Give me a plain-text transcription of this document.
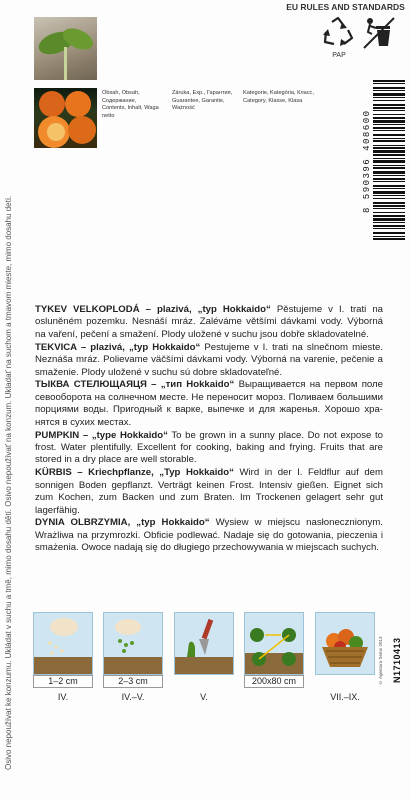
Osivo nepoužívat ke konzumu. Ukládat v suchu a tmě, mimo dosahu dětí. Osivo nepoužívať na konzum. Ukladať na suchom a tmavom mieste, mimo dosahu detí.
EU RULES AND STANDARDS
PAP
Obsah, Obsah, Содержание, Contents, Inhalt, Waga netto
Záruka, Exp., Гарантия, Guarantee, Garantie, Ważność
Kategorie, Kategória, Класс, Category, Klasse, Klasa
8 590396 408600

TYKEV VELKOPLODÁ – plazivá, „typ Hokkaido“ Pěstujeme v I. trati na osluněném pozemku. Nesnáší mráz. Zaléváme většími dávkami vody. Výborná na vaření, pečení a smažení. Plody uložené v suchu jsou dobře skladovatelné.

TEKVICA – plazivá, „typ Hokkaido“ Pestujeme v I. trati na slnečnom mieste. Neznáša mráz. Polievame väčšími dávkami vody. Výborná na varenie, pečenie a smaženie. Plody uložené v suchu sú dobre skladovateľné.

ТЫКВА СТЕЛЮЩАЯЦЯ – „тип Hokkaido“ Выращивается на первом поле севооборота на солнечном месте. Не переносит мороз. Поливаем большими порциями воды. Пригодный к варке, выпечке и для жаренья. Хорошо хранятся в сухих местах.

PUMPKIN – „type Hokkaido“ To be grown in a sunny place. Do not expose to frost. Water plentifully. Excellent for cooking, baking and frying. Fruits that are stored in a dry place are well storable.

KÜRBIS – Kriechpflanze, „Typ Hokkaido“ Wird in der I. Feldflur auf dem sonnigen Boden gepflanzt. Verträgt keinen Frost. Intensiv gießen. Eignet sich zum Kochen, zum Backen und zum Braten. Im Trockenen gelagert sehr gut lagerfähig.

DYNIA OLBRZYMIA, „typ Hokkaido“ Wysiew w miejscu nasłonecznionym. Wrażliwa na przymrozki. Obficie podlewać. Nadaje się do gotowania, pieczenia i smażenia. Owoce nadają się do długiego przechowywania w miejscach suchych.

N1710413
© Agentura Semo 2013
1–2 cm
IV.
2–3 cm
IV.–V.	V.
200x80 cm
VII.–IX.
